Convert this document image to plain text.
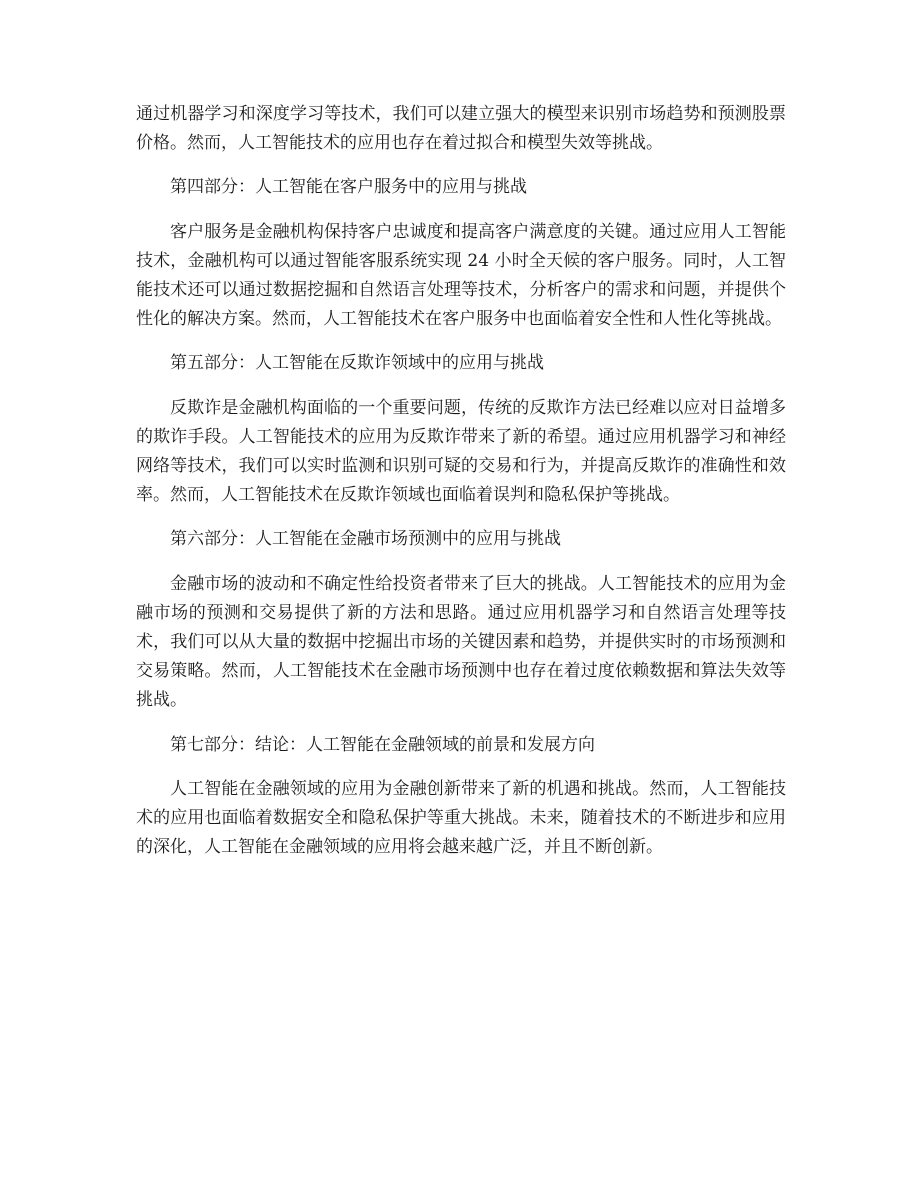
通过机器学习和深度学习等技术，我们可以建立强大的模型来识别市场趋势和预测股票价格。然而，人工智能技术的应用也存在着过拟合和模型失效等挑战。

第四部分：人工智能在客户服务中的应用与挑战

客户服务是金融机构保持客户忠诚度和提高客户满意度的关键。通过应用人工智能技术，金融机构可以通过智能客服系统实现 24 小时全天候的客户服务。同时，人工智能技术还可以通过数据挖掘和自然语言处理等技术，分析客户的需求和问题，并提供个性化的解决方案。然而，人工智能技术在客户服务中也面临着安全性和人性化等挑战。

第五部分：人工智能在反欺诈领域中的应用与挑战

反欺诈是金融机构面临的一个重要问题，传统的反欺诈方法已经难以应对日益增多的欺诈手段。人工智能技术的应用为反欺诈带来了新的希望。通过应用机器学习和神经网络等技术，我们可以实时监测和识别可疑的交易和行为，并提高反欺诈的准确性和效率。然而，人工智能技术在反欺诈领域也面临着误判和隐私保护等挑战。

第六部分：人工智能在金融市场预测中的应用与挑战

金融市场的波动和不确定性给投资者带来了巨大的挑战。人工智能技术的应用为金融市场的预测和交易提供了新的方法和思路。通过应用机器学习和自然语言处理等技术，我们可以从大量的数据中挖掘出市场的关键因素和趋势，并提供实时的市场预测和交易策略。然而，人工智能技术在金融市场预测中也存在着过度依赖数据和算法失效等挑战。

第七部分：结论：人工智能在金融领域的前景和发展方向

人工智能在金融领域的应用为金融创新带来了新的机遇和挑战。然而，人工智能技术的应用也面临着数据安全和隐私保护等重大挑战。未来，随着技术的不断进步和应用的深化，人工智能在金融领域的应用将会越来越广泛，并且不断创新。
